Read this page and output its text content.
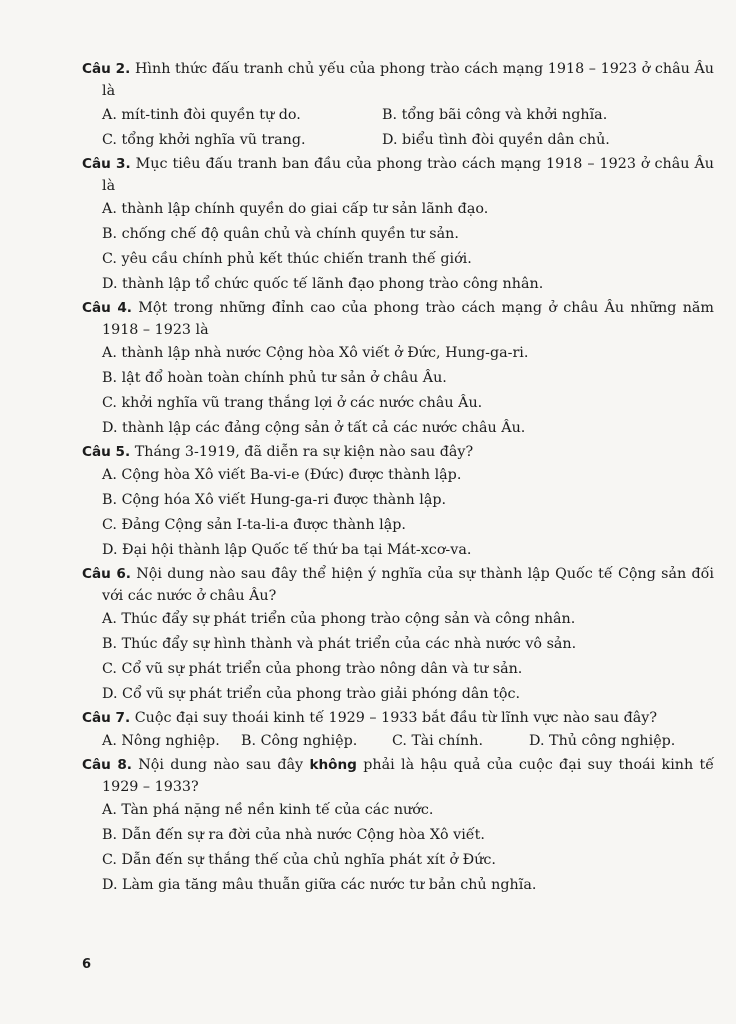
Câu 2. Hình thức đấu tranh chủ yếu của phong trào cách mạng 1918 – 1923 ở châu Âu là

A. mít-tinh đòi quyền tự do.	B. tổng bãi công và khởi nghĩa.
C. tổng khởi nghĩa vũ trang.	D. biểu tình đòi quyền dân chủ.

Câu 3. Mục tiêu đấu tranh ban đầu của phong trào cách mạng 1918 – 1923 ở châu Âu là

A. thành lập chính quyền do giai cấp tư sản lãnh đạo.
B. chống chế độ quân chủ và chính quyền tư sản.
C. yêu cầu chính phủ kết thúc chiến tranh thế giới.
D. thành lập tổ chức quốc tế lãnh đạo phong trào công nhân.

Câu 4. Một trong những đỉnh cao của phong trào cách mạng ở châu Âu những năm 1918 – 1923 là

A. thành lập nhà nước Cộng hòa Xô viết ở Đức, Hung-ga-ri.
B. lật đổ hoàn toàn chính phủ tư sản ở châu Âu.
C. khởi nghĩa vũ trang thắng lợi ở các nước châu Âu.
D. thành lập các đảng cộng sản ở tất cả các nước châu Âu.

Câu 5. Tháng 3-1919, đã diễn ra sự kiện nào sau đây?

A. Cộng hòa Xô viết Ba-vi-e (Đức) được thành lập.
B. Cộng hóa Xô viết Hung-ga-ri được thành lập.
C. Đảng Cộng sản I-ta-li-a được thành lập.
D. Đại hội thành lập Quốc tế thứ ba tại Mát-xcơ-va.

Câu 6. Nội dung nào sau đây thể hiện ý nghĩa của sự thành lập Quốc tế Cộng sản đối với các nước ở châu Âu?

A. Thúc đẩy sự phát triển của phong trào cộng sản và công nhân.
B. Thúc đẩy sự hình thành và phát triển của các nhà nước vô sản.
C. Cổ vũ sự phát triển của phong trào nông dân và tư sản.
D. Cổ vũ sự phát triển của phong trào giải phóng dân tộc.

Câu 7. Cuộc đại suy thoái kinh tế 1929 – 1933 bắt đầu từ lĩnh vực nào sau đây?

A. Nông nghiệp.	B. Công nghiệp.	C. Tài chính.	D. Thủ công nghiệp.

Câu 8. Nội dung nào sau đây không phải là hậu quả của cuộc đại suy thoái kinh tế 1929 – 1933?

A. Tàn phá nặng nề nền kinh tế của các nước.
B. Dẫn đến sự ra đời của nhà nước Cộng hòa Xô viết.
C. Dẫn đến sự thắng thế của chủ nghĩa phát xít ở Đức.
D. Làm gia tăng mâu thuẫn giữa các nước tư bản chủ nghĩa.
6
